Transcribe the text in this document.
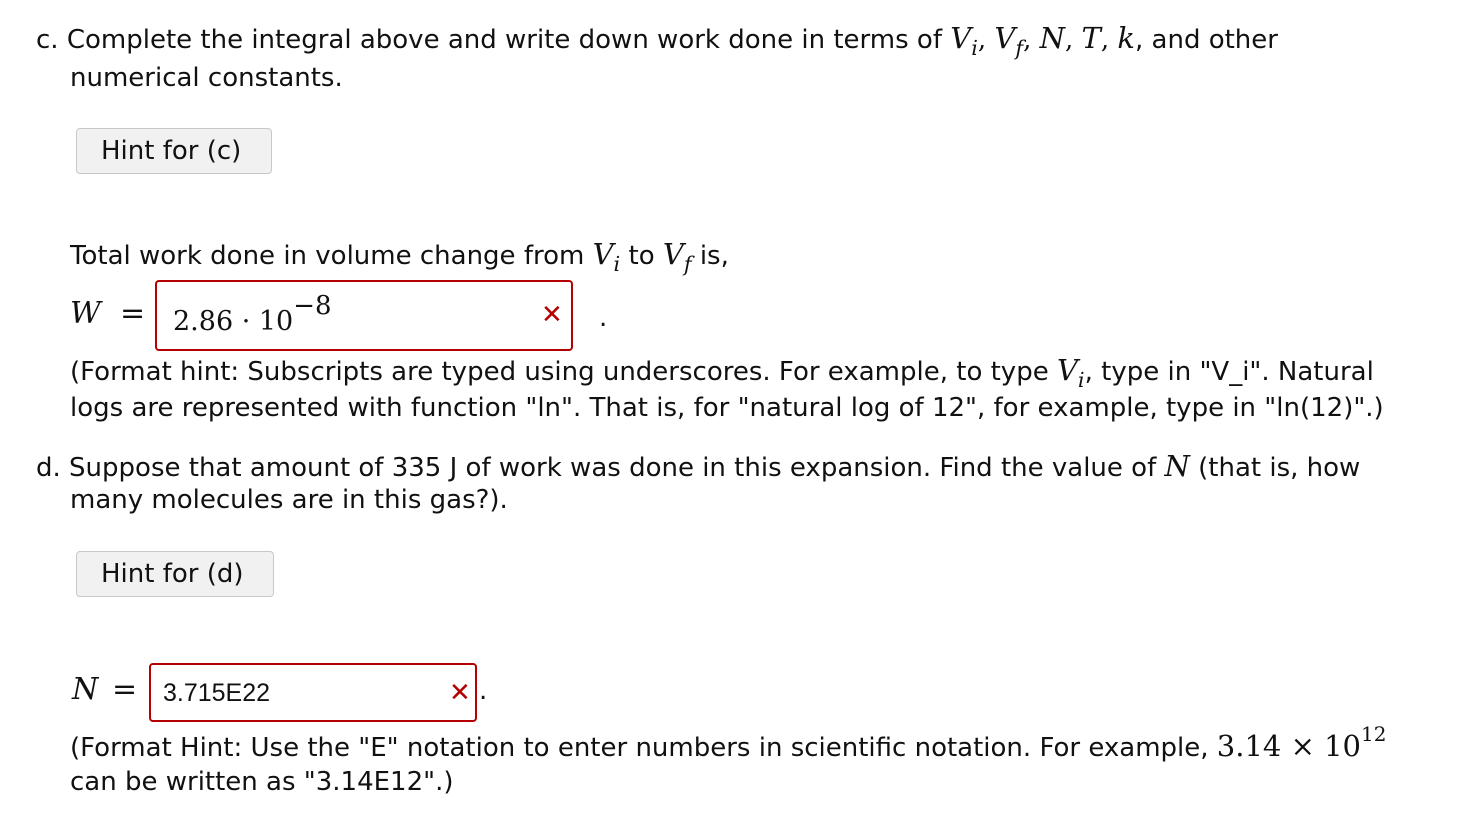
c. Complete the integral above and write down work done in terms of $V_i$, $V_f$, N, T, k, and other
numerical constants.
Hint for (c)
Total work done in volume change from $V_i$ to $V_f$ is,
$W = 2.86 \cdot 10^{-8}$	✕ .
(Format hint: Subscripts are typed using underscores. For example, to type $V_i$, type in "V_i". Natural
logs are represented with function "ln". That is, for "natural log of 12", for example, type in "ln(12)".)
d. Suppose that amount of 335 J of work was done in this expansion. Find the value of N (that is, how
many molecules are in this gas?).
Hint for (d)
N = 3.715E22	✕ .
(Format Hint: Use the "E" notation to enter numbers in scientific notation. For example, $3.14 \times 10^{12}$
can be written as "3.14E12".)
